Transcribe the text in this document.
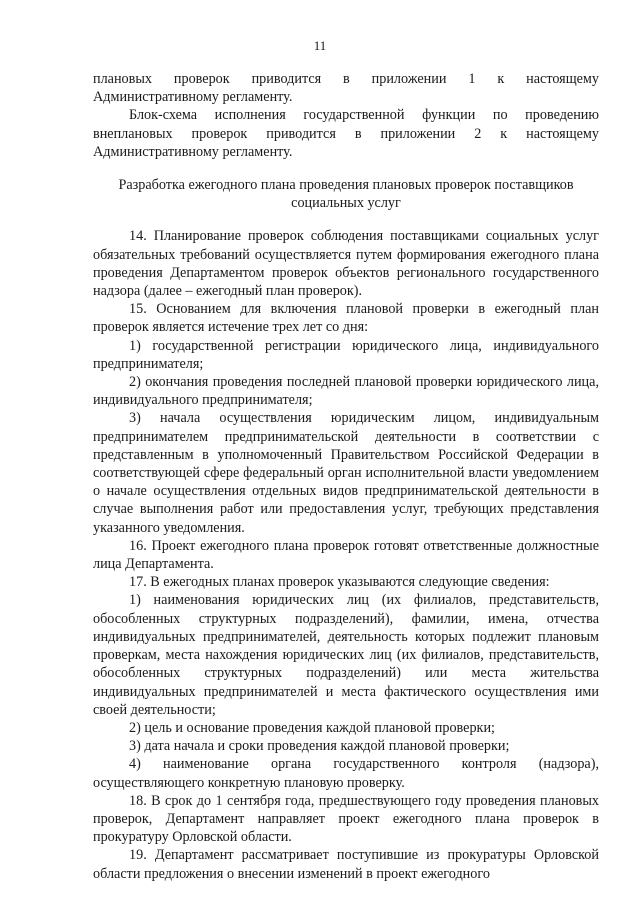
11

плановых проверок приводится в приложении 1 к настоящему Административному регламенту.

Блок-схема исполнения государственной функции по проведению внеплановых проверок приводится в приложении 2 к настоящему Административному регламенту.

Разработка ежегодного плана проведения плановых проверок поставщиков социальных услуг

14. Планирование проверок соблюдения поставщиками социальных услуг обязательных требований осуществляется путем формирования ежегодного плана проведения Департаментом проверок объектов регионального государственного надзора (далее – ежегодный план проверок).

15. Основанием для включения плановой проверки в ежегодный план проверок является истечение трех лет со дня:

1) государственной регистрации юридического лица, индивидуального предпринимателя;

2) окончания проведения последней плановой проверки юридического лица, индивидуального предпринимателя;

3) начала осуществления юридическим лицом, индивидуальным предпринимателем предпринимательской деятельности в соответствии с представленным в уполномоченный Правительством Российской Федерации в соответствующей сфере федеральный орган исполнительной власти уведомлением о начале осуществления отдельных видов предпринимательской деятельности в случае выполнения работ или предоставления услуг, требующих представления указанного уведомления.

16. Проект ежегодного плана проверок готовят ответственные должностные лица Департамента.

17. В ежегодных планах проверок указываются следующие сведения:

1) наименования юридических лиц (их филиалов, представительств, обособленных структурных подразделений), фамилии, имена, отчества индивидуальных предпринимателей, деятельность которых подлежит плановым проверкам, места нахождения юридических лиц (их филиалов, представительств, обособленных структурных подразделений) или места жительства индивидуальных предпринимателей и места фактического осуществления ими своей деятельности;

2) цель и основание проведения каждой плановой проверки;

3) дата начала и сроки проведения каждой плановой проверки;

4) наименование органа государственного контроля (надзора), осуществляющего конкретную плановую проверку.

18. В срок до 1 сентября года, предшествующего году проведения плановых проверок, Департамент направляет проект ежегодного плана проверок в прокуратуру Орловской области.

19. Департамент рассматривает поступившие из прокуратуры Орловской области предложения о внесении изменений в проект ежегодного
